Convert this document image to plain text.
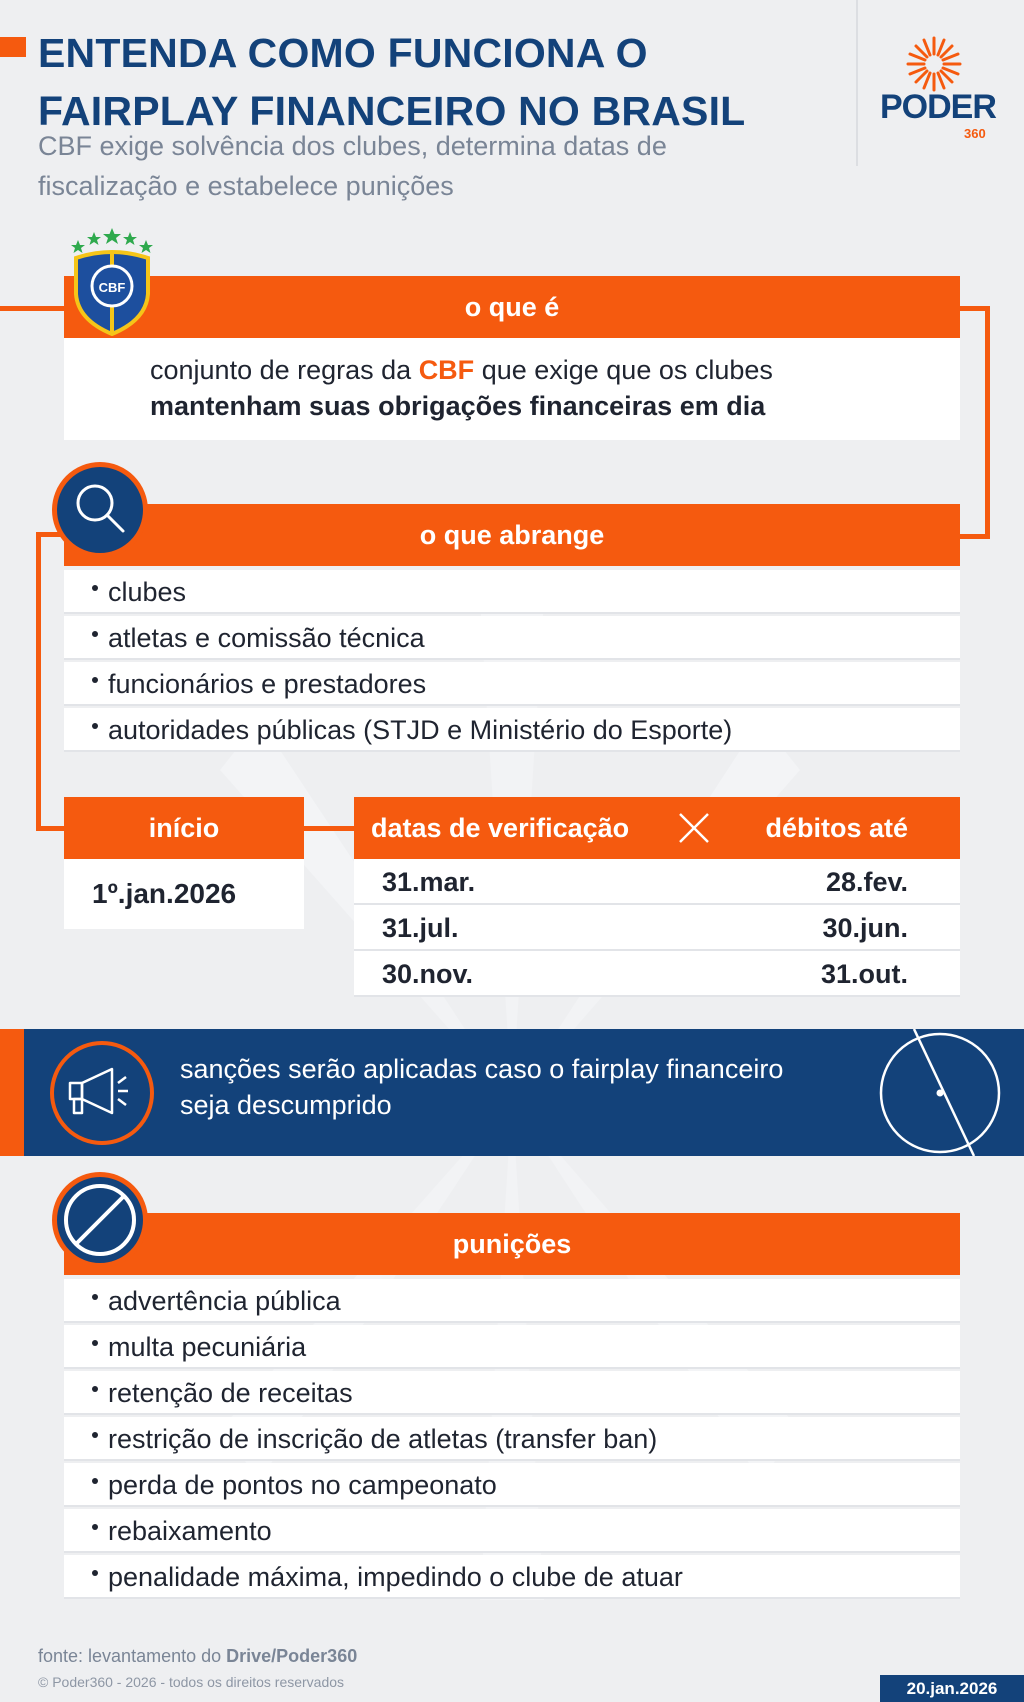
ENTENDA COMO FUNCIONA O
FAIRPLAY FINANCEIRO NO BRASIL
CBF exige solvência dos clubes, determina datas de
fiscalização e estabelece punições
PODER
360
o que é
conjunto de regras da CBF que exige que os clubes
mantenham suas obrigações financeiras em dia
CBF
o que abrange
clubes
atletas e comissão técnica
funcionários e prestadores
autoridades públicas (STJD e Ministério do Esporte)
início
1º.jan.2026
datas de verificação	débitos até
31.mar.	28.fev.
31.jul.	30.jun.
30.nov.	31.out.
sanções serão aplicadas caso o fairplay financeiro
seja descumprido
punições
advertência pública
multa pecuniária
retenção de receitas
restrição de inscrição de atletas (transfer ban)
perda de pontos no campeonato
rebaixamento
penalidade máxima, impedindo o clube de atuar
fonte: levantamento do Drive/Poder360
© Poder360 - 2026 - todos os direitos reservados	20.jan.2026
